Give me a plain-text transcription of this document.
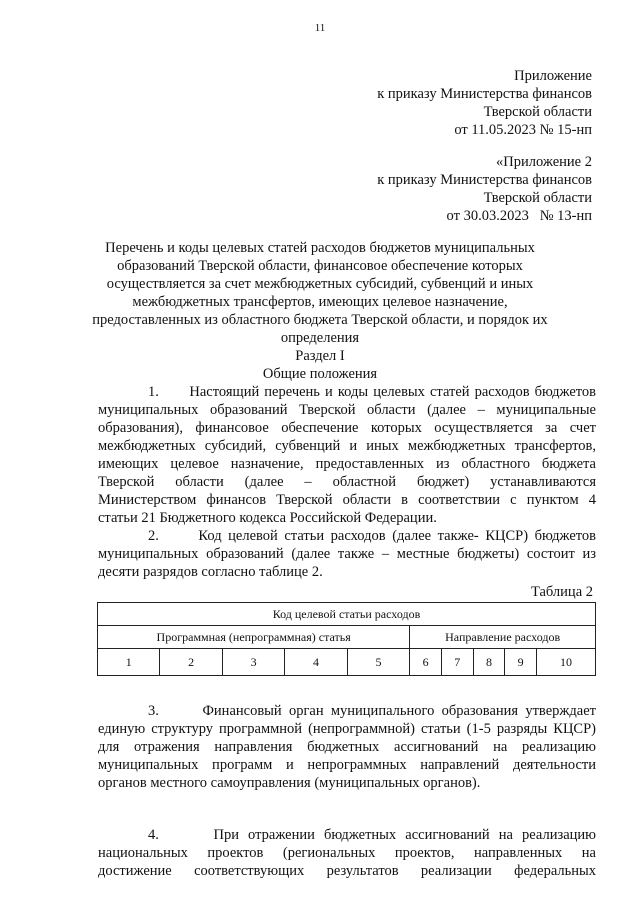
11
Приложение
к приказу Министерства финансов
Тверской области
от 11.05.2023 № 15-нп
«Приложение 2
к приказу Министерства финансов
Тверской области
от 30.03.2023   № 13-нп
Перечень и коды целевых статей расходов бюджетов муниципальных
образований Тверской области, финансовое обеспечение которых
осуществляется за счет межбюджетных субсидий, субвенций и иных
межбюджетных трансфертов, имеющих целевое назначение,
предоставленных из областного бюджета Тверской области, и порядок их
определения
Раздел I
Общие положения
1.      Настоящий перечень и коды целевых статей расходов бюджетов
муниципальных образований Тверской области (далее – муниципальные
образования), финансовое обеспечение которых осуществляется за счет
межбюджетных субсидий, субвенций и иных межбюджетных трансфертов,
имеющих целевое назначение, предоставленных из областного бюджета
Тверской   области   (далее   –   областной   бюджет)   устанавливаются
Министерством финансов Тверской области в соответствии с пунктом 4
статьи 21 Бюджетного кодекса Российской Федерации.
2.      Код целевой статьи расходов (далее также- КЦСР) бюджетов
муниципальных образований (далее также – местные бюджеты) состоит из
десяти разрядов согласно таблице 2.
Таблица 2
Код целевой статьи расходов									
Программная (непрограммная) статья					Направление расходов				
1	2	3	4	5	6	7	8	9	10
3.      Финансовый орган муниципального образования утверждает
единую структуру программной (непрограммной) статьи (1-5 разряды КЦСР)
для отражения направления бюджетных ассигнований на реализацию
муниципальных программ и непрограммных направлений деятельности
органов местного самоуправления (муниципальных органов).
4.      При отражении бюджетных ассигнований на реализацию
национальных проектов (региональных проектов, направленных на
достижение соответствующих результатов реализации федеральных
